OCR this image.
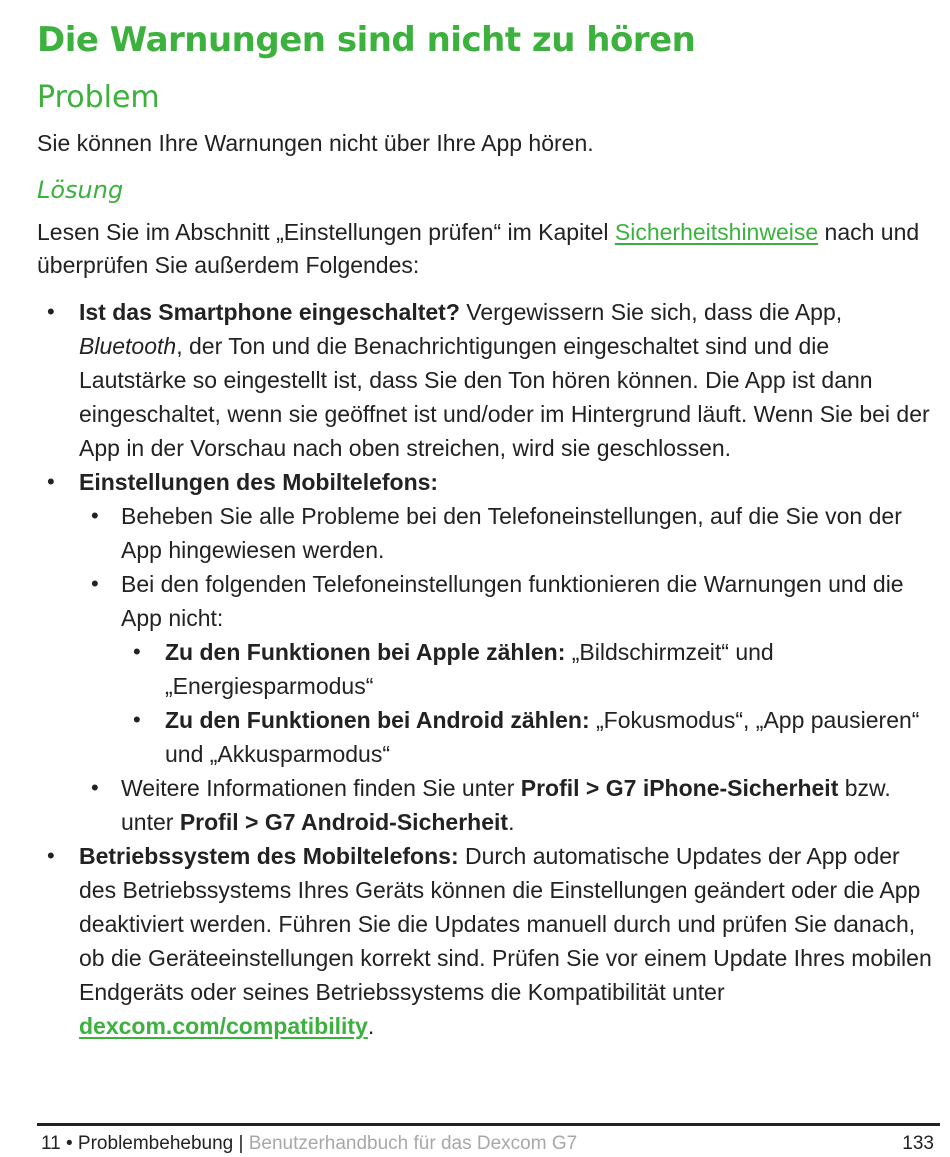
Die Warnungen sind nicht zu hören
Problem

Sie können Ihre Warnungen nicht über Ihre App hören.

Lösung

Lesen Sie im Abschnitt „Einstellungen prüfen“ im Kapitel Sicherheitshinweise nach und überprüfen Sie außerdem Folgendes:

• Ist das Smartphone eingeschaltet? Vergewissern Sie sich, dass die App, Bluetooth, der Ton und die Benachrichtigungen eingeschaltet sind und die Lautstärke so eingestellt ist, dass Sie den Ton hören können. Die App ist dann eingeschaltet, wenn sie geöffnet ist und/oder im Hintergrund läuft. Wenn Sie bei der App in der Vorschau nach oben streichen, wird sie geschlossen.
• Einstellungen des Mobiltelefons:
• Beheben Sie alle Probleme bei den Telefoneinstellungen, auf die Sie von der App hingewiesen werden.
• Bei den folgenden Telefoneinstellungen funktionieren die Warnungen und die App nicht:
• Zu den Funktionen bei Apple zählen: „Bildschirmzeit“ und „Energiesparmodus“
• Zu den Funktionen bei Android zählen: „Fokusmodus“, „App pausieren“ und „Akkusparmodus“
• Weitere Informationen finden Sie unter Profil > G7 iPhone-Sicherheit bzw. unter Profil > G7 Android-Sicherheit.
• Betriebssystem des Mobiltelefons: Durch automatische Updates der App oder des Betriebssystems Ihres Geräts können die Einstellungen geändert oder die App deaktiviert werden. Führen Sie die Updates manuell durch und prüfen Sie danach, ob die Geräteeinstellungen korrekt sind. Prüfen Sie vor einem Update Ihres mobilen Endgeräts oder seines Betriebssystems die Kompatibilität unter dexcom.com/compatibility.
11 • Problembehebung | Benutzerhandbuch für das Dexcom G7	133
